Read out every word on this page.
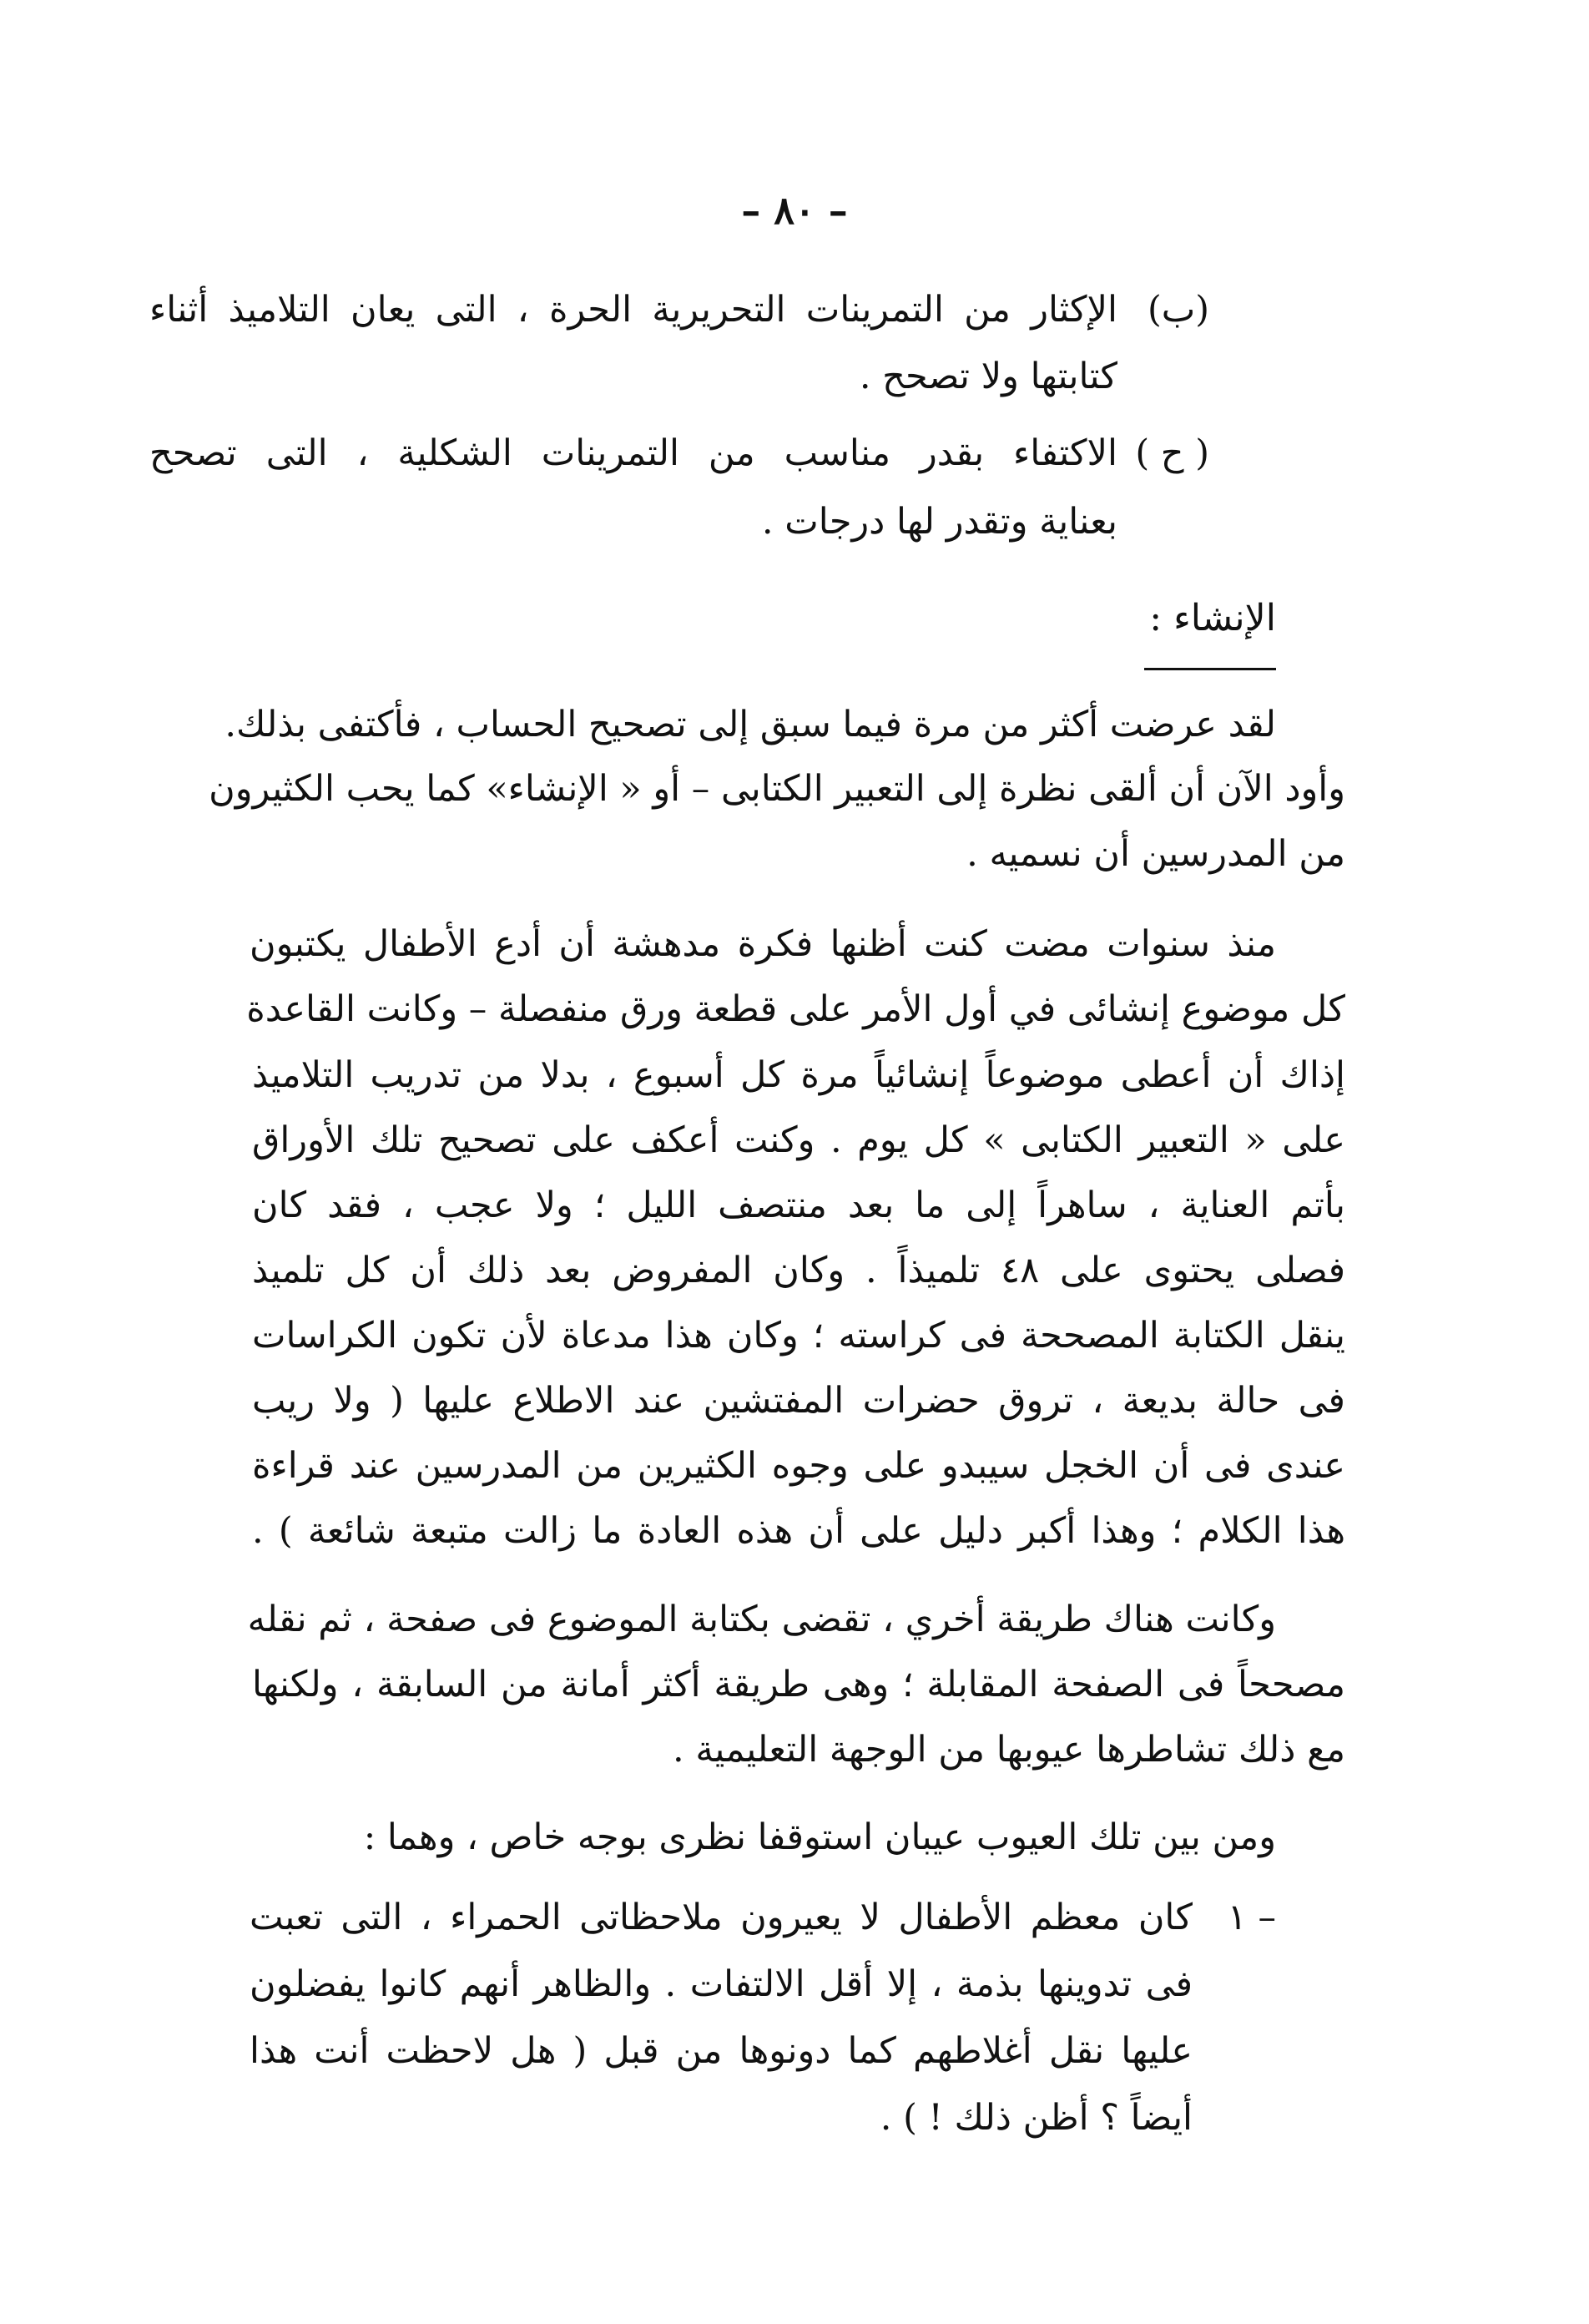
– ٨٠ –
(ب)
الإكثار من التمرينات التحريرية الحرة ، التى يعان التلاميذ أثناء
كتابتها ولا تصحح .
( ح )
الاكتفاء بقدر مناسب من التمرينات الشكلية ، التى تصحح
بعناية وتقدر لها درجات .
الإنشاء :
لقد عرضت أكثر من مرة فيما سبق إلى تصحيح الحساب ، فأكتفى بذلك.
وأود الآن أن ألقى نظرة إلى التعبير الكتابى – أو « الإنشاء» كما يحب الكثيرون
من المدرسين أن نسميه .
منذ سنوات مضت كنت أظنها فكرة مدهشة أن أدع الأطفال يكتبون
كل موضوع إنشائى في أول الأمر على قطعة ورق منفصلة – وكانت القاعدة
إذاك أن أعطى موضوعاً إنشائياً مرة كل أسبوع ، بدلا من تدريب التلاميذ
على « التعبير الكتابى » كل يوم . وكنت أعكف على تصحيح تلك الأوراق
بأتم العناية ، ساهراً إلى ما بعد منتصف الليل ؛ ولا عجب ، فقد كان
فصلى يحتوى على ٤٨ تلميذاً . وكان المفروض بعد ذلك أن كل تلميذ
ينقل الكتابة المصححة فى كراسته ؛ وكان هذا مدعاة لأن تكون الكراسات
فى حالة بديعة ، تروق حضرات المفتشين عند الاطلاع عليها ( ولا ريب
عندى فى أن الخجل سيبدو على وجوه الكثيرين من المدرسين عند قراءة
هذا الكلام ؛ وهذا أكبر دليل على أن هذه العادة ما زالت متبعة شائعة ) .
وكانت هناك طريقة أخري ، تقضى بكتابة الموضوع فى صفحة ، ثم نقله
مصححاً فى الصفحة المقابلة ؛ وهى طريقة أكثر أمانة من السابقة ، ولكنها
مع ذلك تشاطرها عيوبها من الوجهة التعليمية .
ومن بين تلك العيوب عيبان استوقفا نظرى بوجه خاص ، وهما :
١ –
كان معظم الأطفال لا يعيرون ملاحظاتى الحمراء ، التى تعبت
فى تدوينها بذمة ، إلا أقل الالتفات . والظاهر أنهم كانوا يفضلون
عليها نقل أغلاطهم كما دونوها من قبل ( هل لاحظت أنت هذا
أيضاً ؟ أظن ذلك ! ) .
